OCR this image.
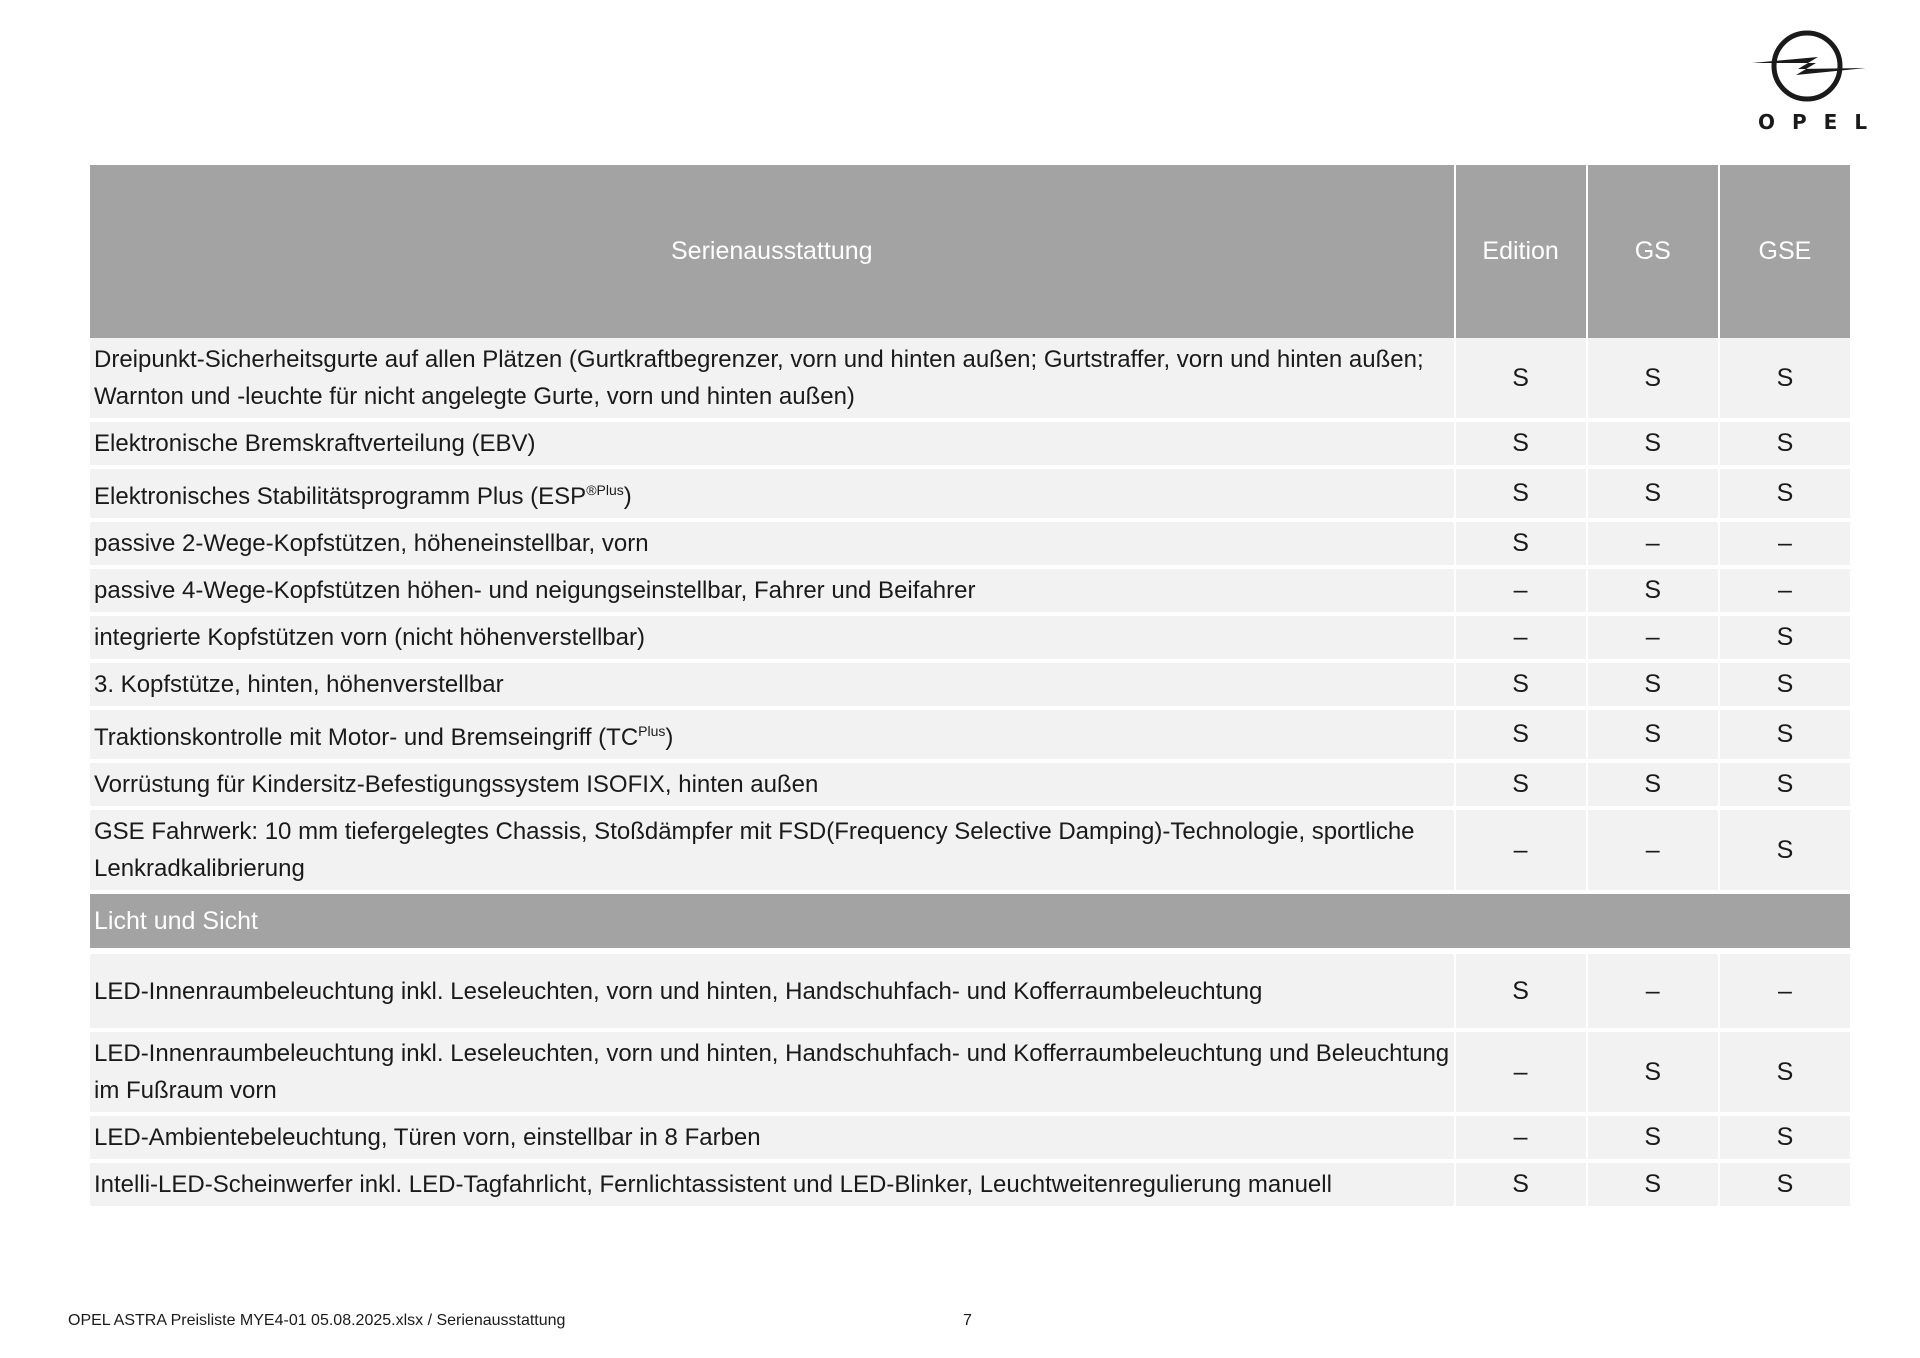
OPEL
Serienausstattung	Edition	GS	GSE
Dreipunkt-Sicherheitsgurte auf allen Plätzen (Gurtkraftbegrenzer, vorn und hinten außen; Gurtstraffer, vorn und hinten außen; Warnton und -leuchte für nicht angelegte Gurte, vorn und hinten außen)	S	S	S
Elektronische Bremskraftverteilung (EBV)	S	S	S
Elektronisches Stabilitätsprogramm Plus $(ESP^{®Plus})$	S	S	S
passive 2-Wege-Kopfstützen, höheneinstellbar, vorn	S	–	–
passive 4-Wege-Kopfstützen höhen- und neigungseinstellbar, Fahrer und Beifahrer	–	S	–
integrierte Kopfstützen vorn (nicht höhenverstellbar)	–	–	S
3. Kopfstütze, hinten, höhenverstellbar	S	S	S
Traktionskontrolle mit Motor- und Bremseingriff $(TC^{Plus})$	S	S	S
Vorrüstung für Kindersitz-Befestigungssystem ISOFIX, hinten außen	S	S	S
GSE Fahrwerk: 10 mm tiefergelegtes Chassis, Stoßdämpfer mit FSD(Frequency Selective Damping)-Technologie, sportliche Lenkradkalibrierung	–	–	S
Licht und Sicht			

LED-Innenraumbeleuchtung inkl. Leseleuchten, vorn und hinten, Handschuhfach- und Kofferraumbeleuchtung	S	–	–
LED-Innenraumbeleuchtung inkl. Leseleuchten, vorn und hinten, Handschuhfach- und Kofferraumbeleuchtung und Beleuchtung im Fußraum vorn	–	S	S
LED-Ambientebeleuchtung, Türen vorn, einstellbar in 8 Farben	–	S	S
Intelli-LED-Scheinwerfer inkl. LED-Tagfahrlicht, Fernlichtassistent und LED-Blinker, Leuchtweitenregulierung manuell	S	S	S
OPEL ASTRA Preisliste MYE4-01 05.08.2025.xlsx / Serienausstattung	7
